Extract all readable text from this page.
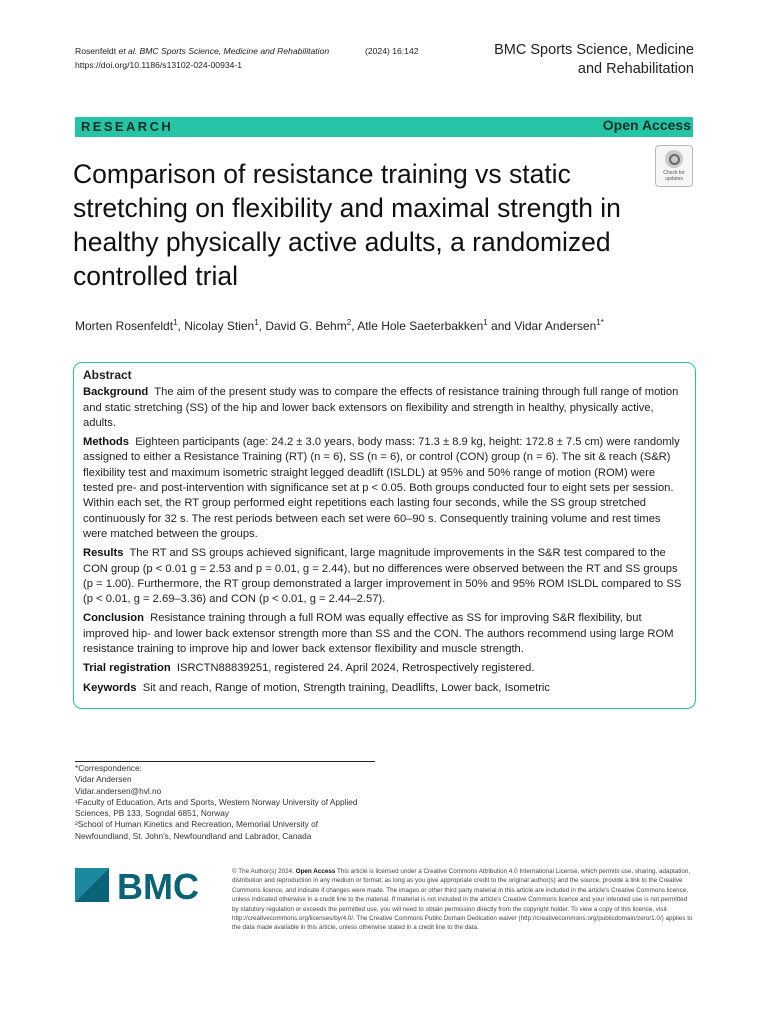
Rosenfeldt et al. BMC Sports Science, Medicine and Rehabilitation	(2024) 16:142
https://doi.org/10.1186/s13102-024-00934-1
BMC Sports Science, Medicine
and Rehabilitation
RESEARCH	Open Access
Check for updates
Comparison of resistance training vs static stretching on flexibility and maximal strength in healthy physically active adults, a randomized controlled trial
Morten Rosenfeldt$^1$, Nicolay Stien$^1$, David G. Behm$^2$, Atle Hole Saeterbakken$^1$ and Vidar Andersen$^{1*}$

Abstract

Background The aim of the present study was to compare the effects of resistance training through full range of motion and static stretching (SS) of the hip and lower back extensors on flexibility and strength in healthy, physically active, adults.

Methods Eighteen participants (age: 24.2 ± 3.0 years, body mass: 71.3 ± 8.9 kg, height: 172.8 ± 7.5 cm) were randomly assigned to either a Resistance Training (RT) (n = 6), SS (n = 6), or control (CON) group (n = 6). The sit & reach (S&R) flexibility test and maximum isometric straight legged deadlift (ISLDL) at 95% and 50% range of motion (ROM) were tested pre- and post-intervention with significance set at p < 0.05. Both groups conducted four to eight sets per session. Within each set, the RT group performed eight repetitions each lasting four seconds, while the SS group stretched continuously for 32 s. The rest periods between each set were 60–90 s. Consequently training volume and rest times were matched between the groups.

Results The RT and SS groups achieved significant, large magnitude improvements in the S&R test compared to the CON group (p < 0.01 g = 2.53 and p = 0.01, g = 2.44), but no differences were observed between the RT and SS groups (p = 1.00). Furthermore, the RT group demonstrated a larger improvement in 50% and 95% ROM ISLDL compared to SS (p < 0.01, g = 2.69–3.36) and CON (p < 0.01, g = 2.44–2.57).

Conclusion Resistance training through a full ROM was equally effective as SS for improving S&R flexibility, but improved hip- and lower back extensor strength more than SS and the CON. The authors recommend using large ROM resistance training to improve hip and lower back extensor flexibility and muscle strength.

Trial registration ISRCTN88839251, registered 24. April 2024, Retrospectively registered.

Keywords Sit and reach, Range of motion, Strength training, Deadlifts, Lower back, Isometric

*Correspondence:
Vidar Andersen
Vidar.andersen@hvl.no
¹Faculty of Education, Arts and Sports, Western Norway University of Applied Sciences, PB 133, Sogndal 6851, Norway
²School of Human Kinetics and Recreation, Memorial University of Newfoundland, St. John's, Newfoundland and Labrador, Canada
BMC	© The Author(s) 2024. Open Access This article is licensed under a Creative Commons Attribution 4.0 International License, which permits use, sharing, adaptation, distribution and reproduction in any medium or format, as long as you give appropriate credit to the original author(s) and the source, provide a link to the Creative Commons licence, and indicate if changes were made. The images or other third party material in this article are included in the article's Creative Commons licence, unless indicated otherwise in a credit line to the material. If material is not included in the article's Creative Commons licence and your intended use is not permitted by statutory regulation or exceeds the permitted use, you will need to obtain permission directly from the copyright holder. To view a copy of this licence, visit http://creativecommons.org/licenses/by/4.0/. The Creative Commons Public Domain Dedication waiver (http://creativecommons.org/publicdomain/zero/1.0/) applies to the data made available in this article, unless otherwise stated in a credit line to the data.
